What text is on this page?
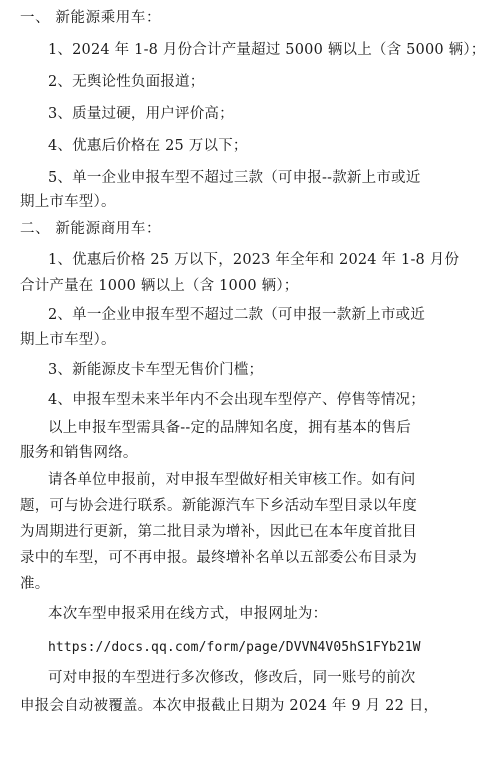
一、 新能源乘用车：

1、2024 年 1-8 月份合计产量超过 5000 辆以上（含 5000 辆）；

2、无舆论性负面报道；

3、质量过硬，用户评价高；

4、优惠后价格在 25 万以下；

5、单一企业申报车型不超过三款（可申报--款新上市或近

期上市车型）。

二、 新能源商用车：

1、优惠后价格 25 万以下，2023 年全年和 2024 年 1-8 月份

合计产量在 1000 辆以上（含 1000 辆）；

2、单一企业申报车型不超过二款（可申报一款新上市或近

期上市车型）。

3、新能源皮卡车型无售价门槛；

4、申报车型未来半年内不会出现车型停产、停售等情况；

以上申报车型需具备--定的品牌知名度，拥有基本的售后

服务和销售网络。

请各单位申报前，对申报车型做好相关审核工作。如有问

题，可与协会进行联系。新能源汽车下乡活动车型目录以年度

为周期进行更新，第二批目录为增补，因此已在本年度首批目

录中的车型，可不再申报。最终增补名单以五部委公布目录为

准。

本次车型申报采用在线方式，申报网址为：

https://docs.qq.com/form/page/DVVN4V05hS1FYb21W

可对申报的车型进行多次修改，修改后，同一账号的前次

申报会自动被覆盖。本次申报截止日期为 2024 年 9 月 22 日，
